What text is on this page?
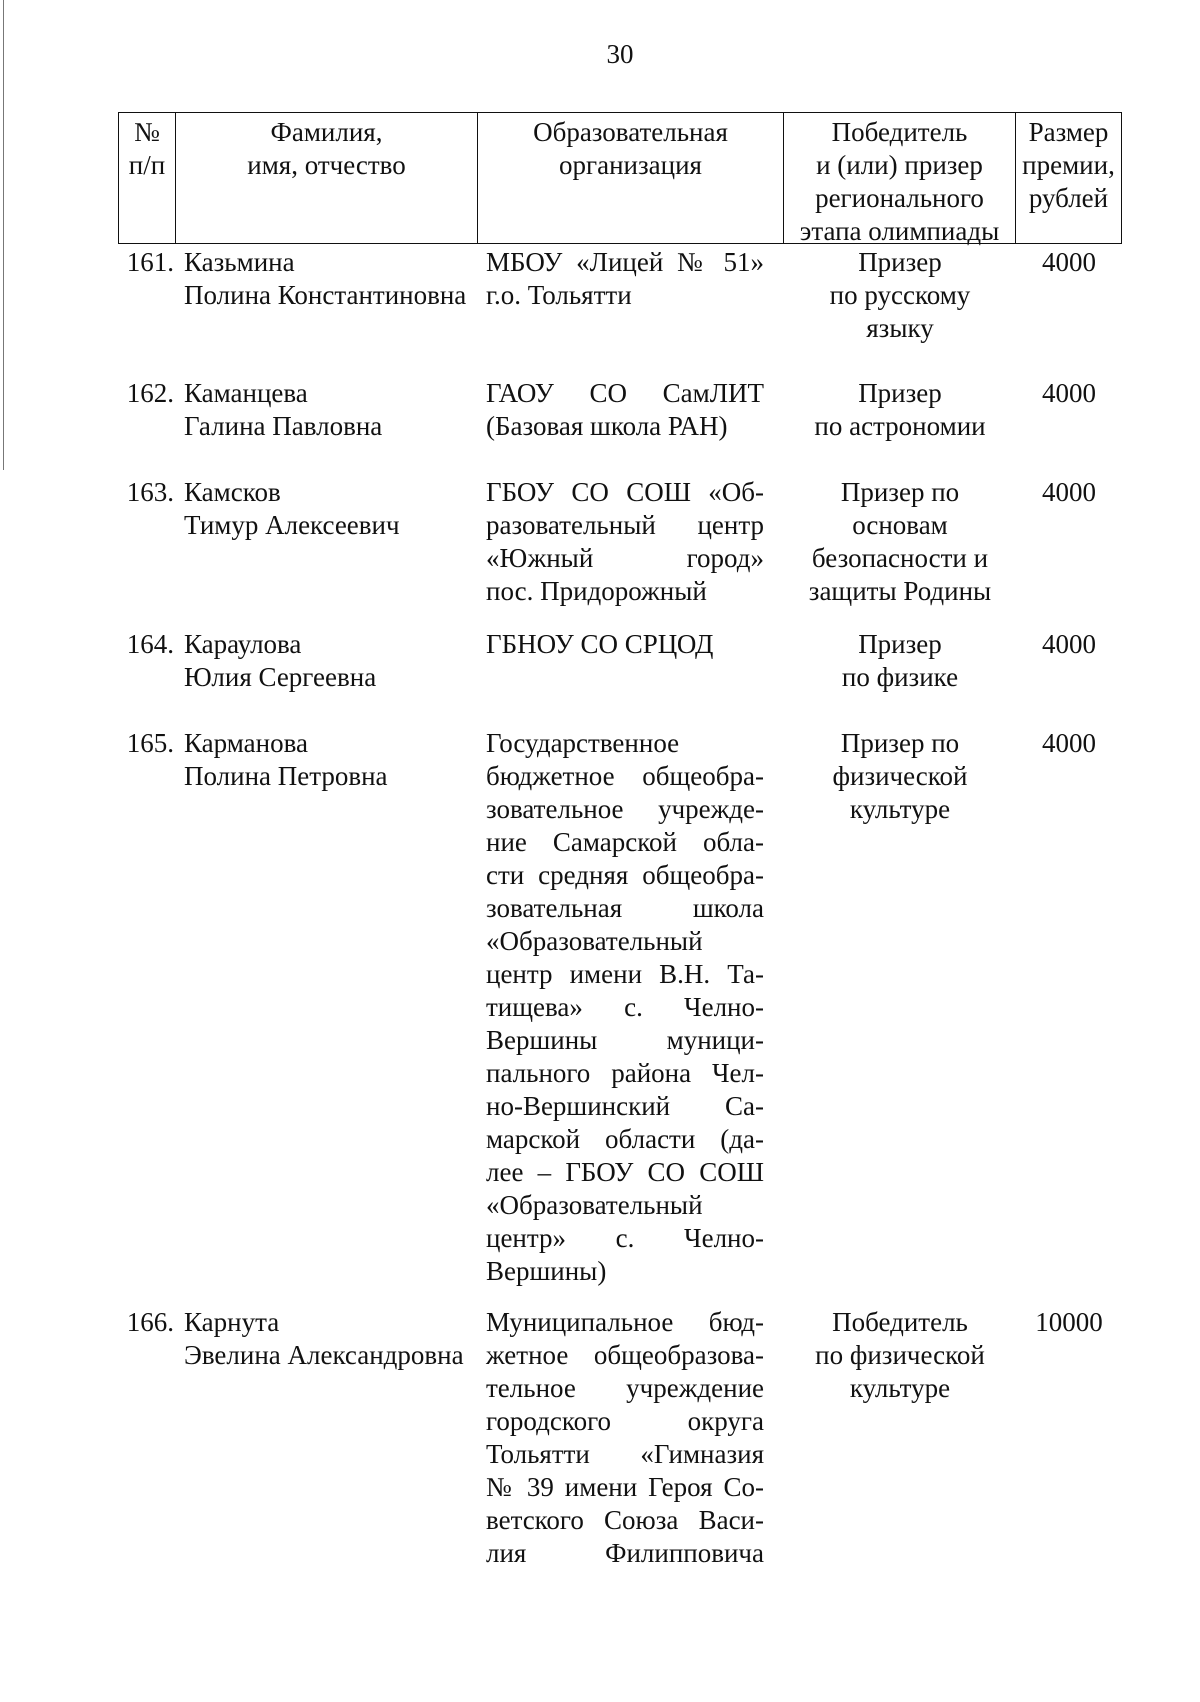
30
№
п/п
Фамилия,
имя, отчество
Образовательная
организация
Победитель
и (или) призер
регионального
этапа олимпиады
Размер
премии,
рублей
161. Казьмина
Полина Константиновна
МБОУ «Лицей № 51»
г.о. Тольятти
Призер
по русскому
языку
4000
162. Каманцева
Галина Павловна
ГАОУ СО СамЛИТ
(Базовая школа РАН)
Призер
по астрономии
4000
163. Камсков
Тимур Алексеевич
ГБОУ СО СОШ «Об-
разовательный центр
«Южный город»
пос. Придорожный
Призер по
основам
безопасности и
защиты Родины
4000
164. Караулова
Юлия Сергеевна
ГБНОУ СО СРЦОД	Призер
по физике
4000
165. Карманова
Полина Петровна
Государственное
бюджетное общеобра-
зовательное учрежде-
ние Самарской обла-
сти средняя общеобра-
зовательная школа
«Образовательный
центр имени В.Н. Та-
тищева» с. Челно-
Вершины муници-
пального района Чел-
но-Вершинский Са-
марской области (да-
лее – ГБОУ СО СОШ
«Образовательный
центр» с. Челно-
Вершины)
Призер по
физической
культуре
4000
166. Карнута
Эвелина Александровна
Муниципальное бюд-
жетное общеобразова-
тельное учреждение
городского округа
Тольятти «Гимназия
№ 39 имени Героя Со-
ветского Союза Васи-
лия Филипповича
Победитель
по физической
культуре
10000
